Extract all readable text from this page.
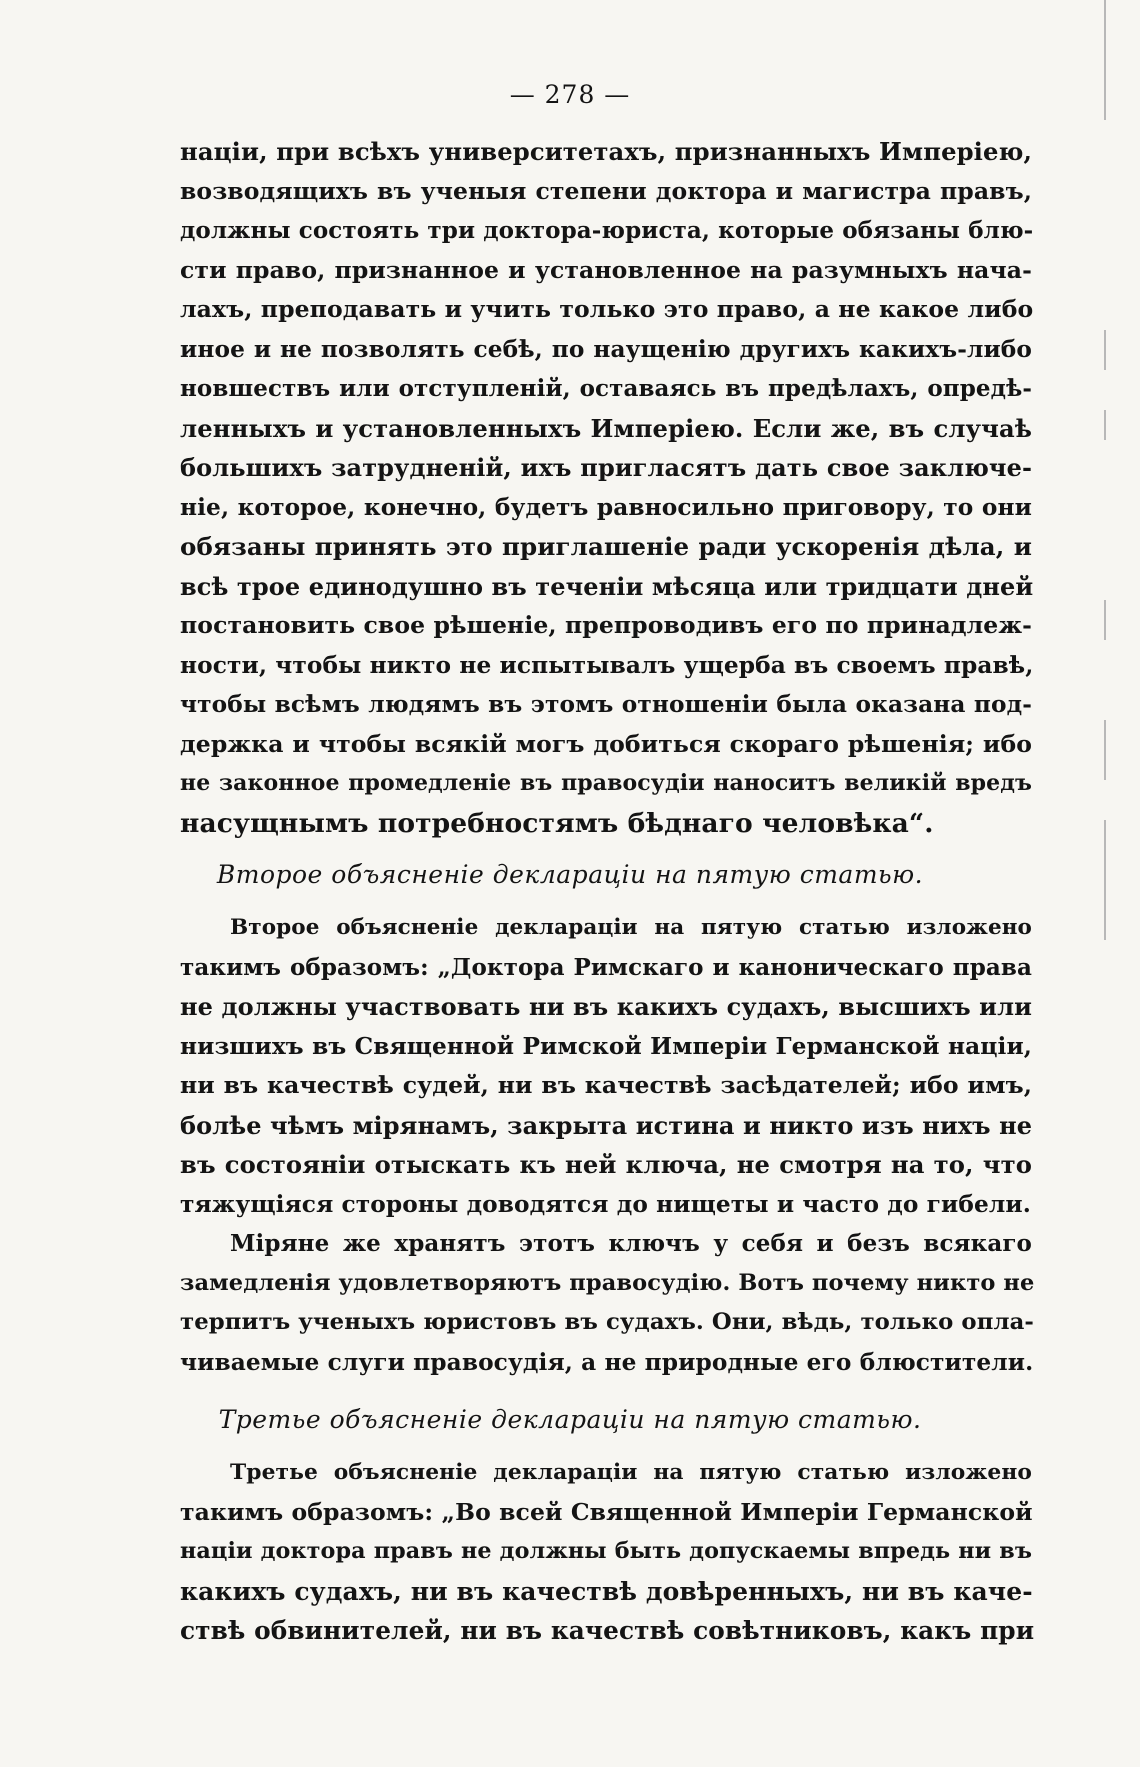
— 278 —
націи, при всѣхъ университетахъ, признанныхъ Имперіею,
возводящихъ въ ученыя степени доктора и магистра правъ,
должны состоять три доктора-юриста, которые обязаны блю-
сти право, признанное и установленное на разумныхъ нача-
лахъ, преподавать и учить только это право, а не какое либо
иное и не позволять себѣ, по наущенію другихъ какихъ-либо
новшествъ или отступленій, оставаясь въ предѣлахъ, опредѣ-
ленныхъ и установленныхъ Имперіею. Если же, въ случаѣ
большихъ затрудненій, ихъ пригласятъ дать свое заключе-
ніе, которое, конечно, будетъ равносильно приговору, то они
обязаны принять это приглашеніе ради ускоренія дѣла, и
всѣ трое единодушно въ теченіи мѣсяца или тридцати дней
постановить свое рѣшеніе, препроводивъ его по принадлеж-
ности, чтобы никто не испытывалъ ущерба въ своемъ правѣ,
чтобы всѣмъ людямъ въ этомъ отношеніи была оказана под-
держка и чтобы всякій могъ добиться скораго рѣшенія; ибо
не законное промедленіе въ правосудіи наноситъ великій вредъ
насущнымъ потребностямъ бѣднаго человѣка“.
Второе объясненіе деклараціи на пятую статью.
Второе объясненіе деклараціи на пятую статью изложено
такимъ образомъ: „Доктора Римскаго и каноническаго права
не должны участвовать ни въ какихъ судахъ, высшихъ или
низшихъ въ Священной Римской Имперіи Германской націи,
ни въ качествѣ судей, ни въ качествѣ засѣдателей; ибо имъ,
болѣе чѣмъ мірянамъ, закрыта истина и никто изъ нихъ не
въ состояніи отыскать къ ней ключа, не смотря на то, что
тяжущіяся стороны доводятся до нищеты и часто до гибели.
Міряне же хранятъ этотъ ключъ у себя и безъ всякаго
замедленія удовлетворяютъ правосудію. Вотъ почему никто не
терпитъ ученыхъ юристовъ въ судахъ. Они, вѣдь, только опла-
чиваемые слуги правосудія, а не природные его блюстители.
Третье объясненіе деклараціи на пятую статью.
Третье объясненіе деклараціи на пятую статью изложено
такимъ образомъ: „Во всей Священной Имперіи Германской
націи доктора правъ не должны быть допускаемы впредь ни въ
какихъ судахъ, ни въ качествѣ довѣренныхъ, ни въ каче-
ствѣ обвинителей, ни въ качествѣ совѣтниковъ, какъ при
